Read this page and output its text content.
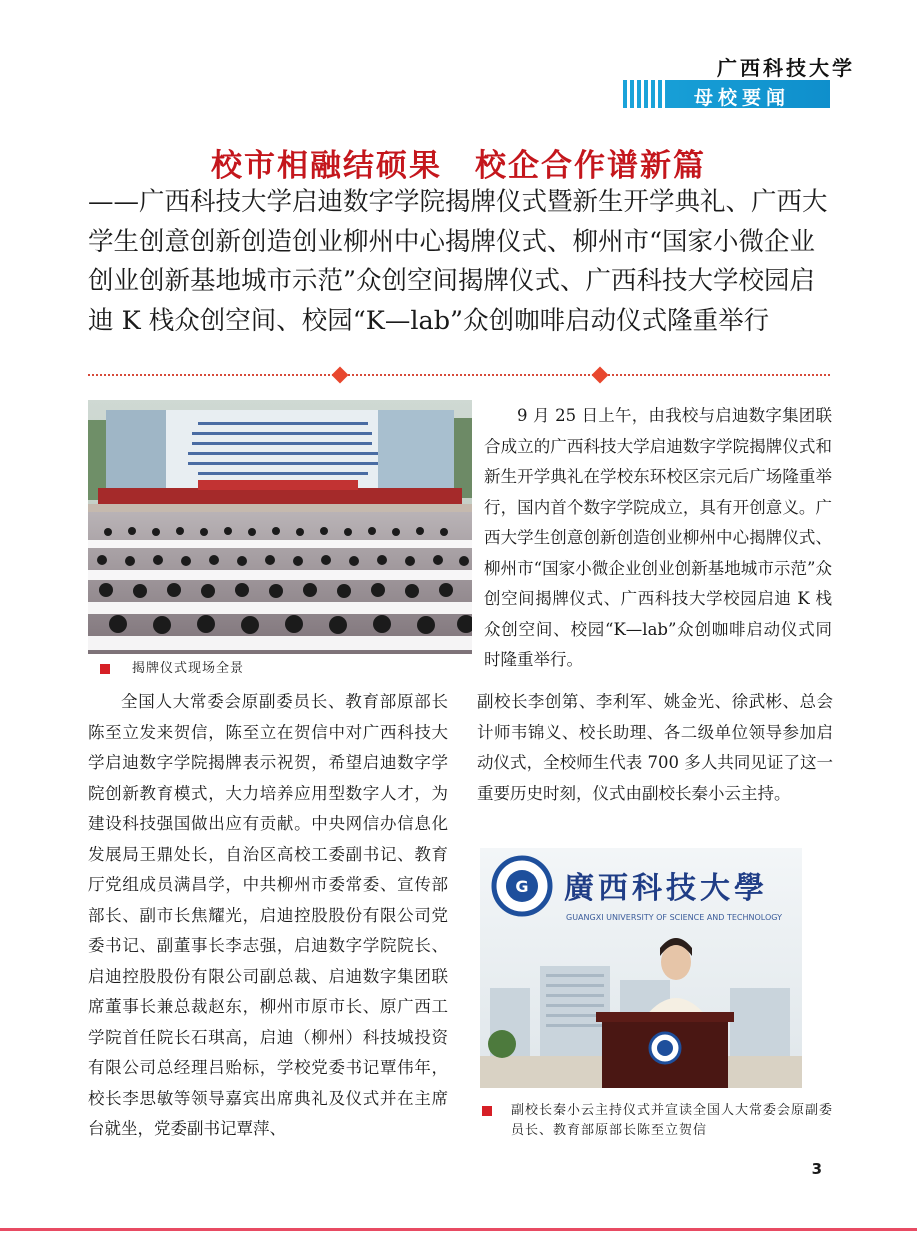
广西科技大学
母校要闻
校市相融结硕果　校企合作谱新篇
——广西科技大学启迪数字学院揭牌仪式暨新生开学典礼、广西大学生创意创新创造创业柳州中心揭牌仪式、柳州市“国家小微企业创业创新基地城市示范”众创空间揭牌仪式、广西科技大学校园启迪 K 栈众创空间、校园“K—lab”众创咖啡启动仪式隆重举行
揭牌仪式现场全景

9 月 25 日上午，由我校与启迪数字集团联合成立的广西科技大学启迪数字学院揭牌仪式和新生开学典礼在学校东环校区宗元后广场隆重举行，国内首个数字学院成立，具有开创意义。广西大学生创意创新创造创业柳州中心揭牌仪式、柳州市“国家小微企业创业创新基地城市示范”众创空间揭牌仪式、广西科技大学校园启迪 K 栈众创空间、校园“K—lab”众创咖啡启动仪式同时隆重举行。

全国人大常委会原副委员长、教育部原部长陈至立发来贺信，陈至立在贺信中对广西科技大学启迪数字学院揭牌表示祝贺，希望启迪数字学院创新教育模式，大力培养应用型数字人才，为建设科技强国做出应有贡献。中央网信办信息化发展局王鼎处长，自治区高校工委副书记、教育厅党组成员满昌学，中共柳州市委常委、宣传部部长、副市长焦耀光，启迪控股股份有限公司党委书记、副董事长李志强，启迪数字学院院长、启迪控股股份有限公司副总裁、启迪数字集团联席董事长兼总裁赵东，柳州市原市长、原广西工学院首任院长石琪高，启迪（柳州）科技城投资有限公司总经理吕贻标，学校党委书记覃伟年，校长李思敏等领导嘉宾出席典礼及仪式并在主席台就坐，党委副书记覃萍、

副校长李创第、李利军、姚金光、徐武彬、总会计师韦锦义、校长助理、各二级单位领导参加启动仪式，全校师生代表 700 多人共同见证了这一重要历史时刻，仪式由副校长秦小云主持。

G 廣西科技大學
GUANGXI UNIVERSITY OF SCIENCE AND TECHNOLOGY
副校长秦小云主持仪式并宣读全国人大常委会原副委员长、教育部原部长陈至立贺信
3
